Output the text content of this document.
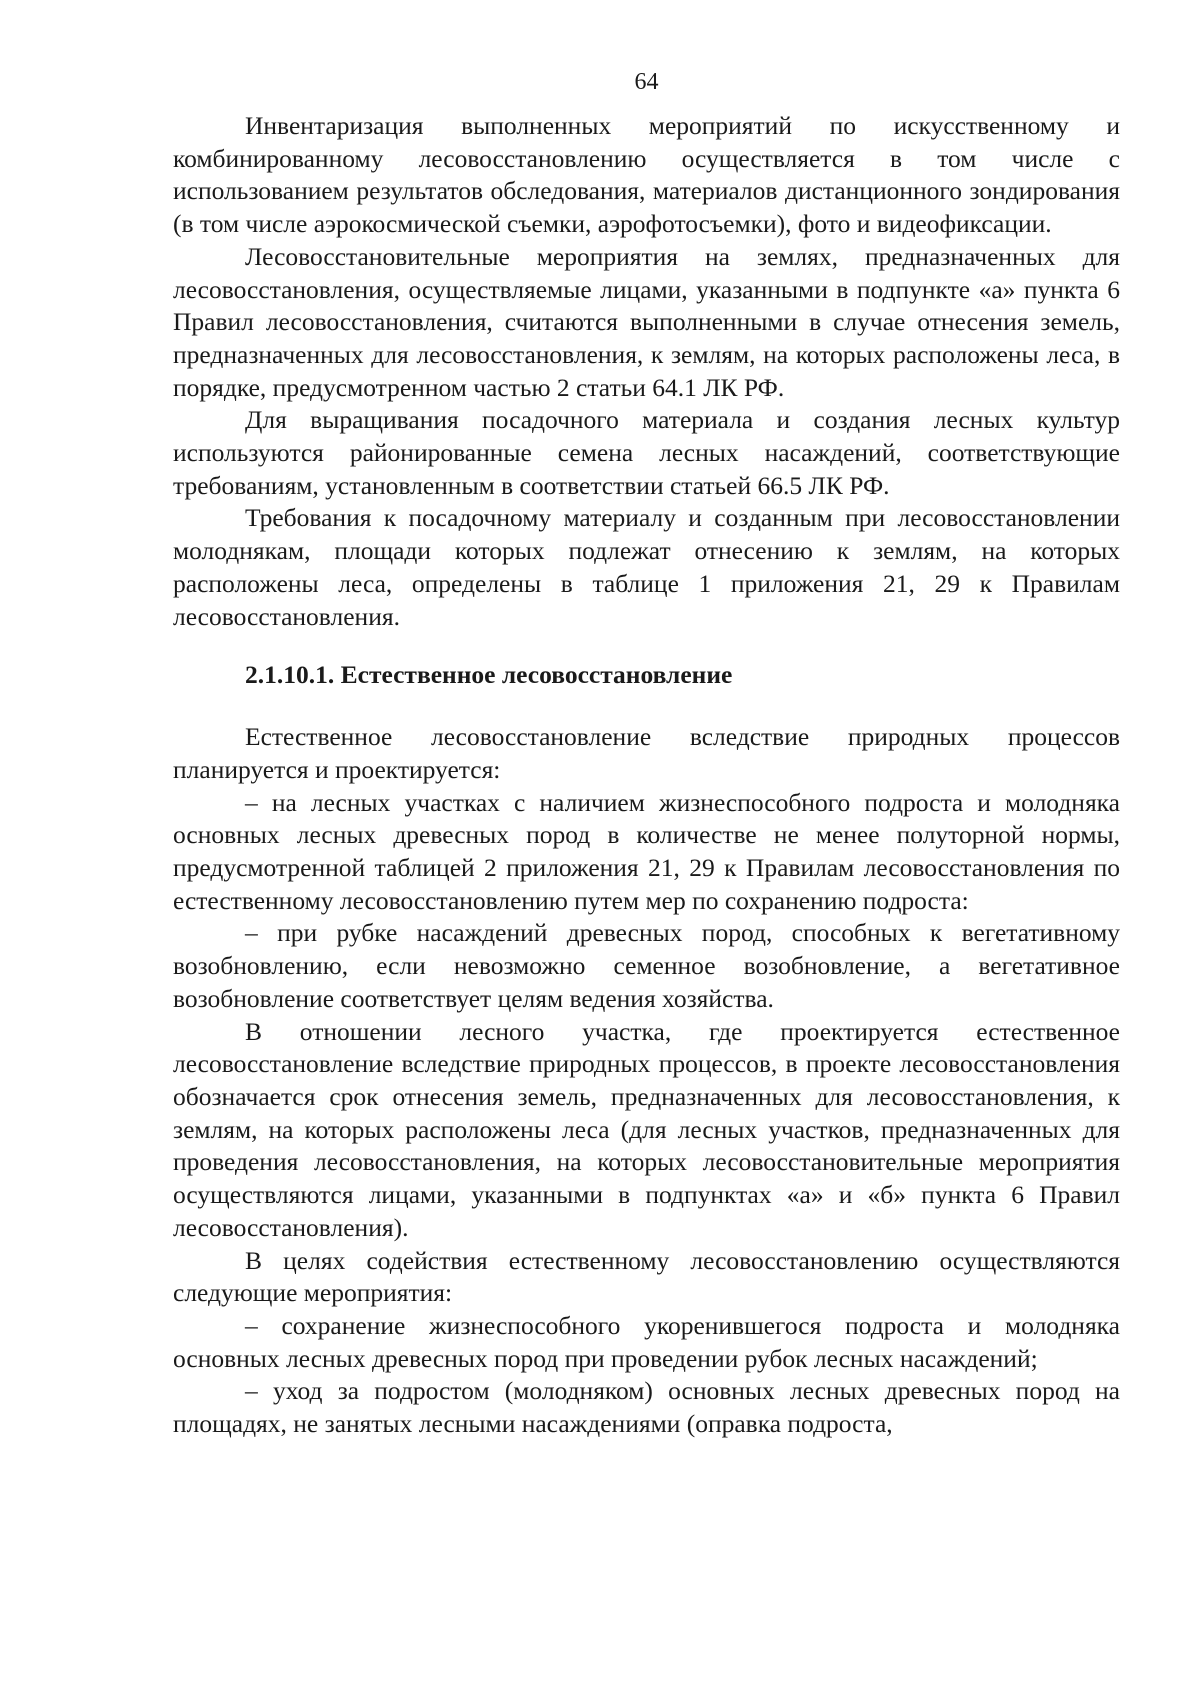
64

Инвентаризация выполненных мероприятий по искусственному и комбинированному лесовосстановлению осуществляется в том числе с использованием результатов обследования, материалов дистанционного зондирования (в том числе аэрокосмической съемки, аэрофотосъемки), фото и видеофиксации.

Лесовосстановительные мероприятия на землях, предназначенных для лесовосстановления, осуществляемые лицами, указанными в подпункте «а» пункта 6 Правил лесовосстановления, считаются выполненными в случае отнесения земель, предназначенных для лесовосстановления, к землям, на которых расположены леса, в порядке, предусмотренном частью 2 статьи 64.1 ЛК РФ.

Для выращивания посадочного материала и создания лесных культур используются районированные семена лесных насаждений, соответствующие требованиям, установленным в соответствии статьей 66.5 ЛК РФ.

Требования к посадочному материалу и созданным при лесовосстановлении молоднякам, площади которых подлежат отнесению к землям, на которых расположены леса, определены в таблице 1 приложения 21, 29 к Правилам лесовосстановления.

2.1.10.1. Естественное лесовосстановление

Естественное лесовосстановление вследствие природных процессов планируется и проектируется:

– на лесных участках с наличием жизнеспособного подроста и молодняка основных лесных древесных пород в количестве не менее полуторной нормы, предусмотренной таблицей 2 приложения 21, 29 к Правилам лесовосстановления по естественному лесовосстановлению путем мер по сохранению подроста:

– при рубке насаждений древесных пород, способных к вегетативному возобновлению, если невозможно семенное возобновление, а вегетативное возобновление соответствует целям ведения хозяйства.

В отношении лесного участка, где проектируется естественное лесовосстановление вследствие природных процессов, в проекте лесовосстановления обозначается срок отнесения земель, предназначенных для лесовосстановления, к землям, на которых расположены леса (для лесных участков, предназначенных для проведения лесовосстановления, на которых лесовосстановительные мероприятия осуществляются лицами, указанными в подпунктах «а» и «б» пункта 6 Правил лесовосстановления).

В целях содействия естественному лесовосстановлению осуществляются следующие мероприятия:

– сохранение жизнеспособного укоренившегося подроста и молодняка основных лесных древесных пород при проведении рубок лесных насаждений;

– уход за подростом (молодняком) основных лесных древесных пород на площадях, не занятых лесными насаждениями (оправка подроста,
